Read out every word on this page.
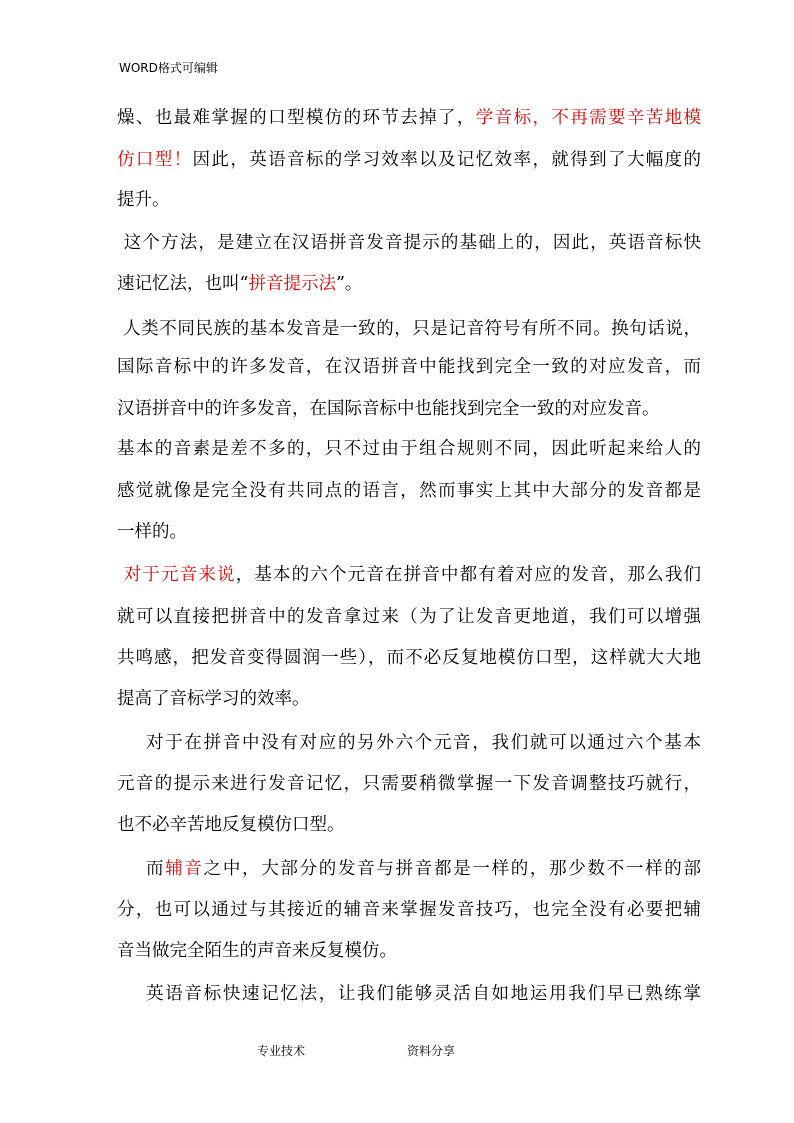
WORD格式可编辑
燥、也最难掌握的口型模仿的环节去掉了，学音标，不再需要辛苦地模
仿口型！因此，英语音标的学习效率以及记忆效率，就得到了大幅度的
提升。
这个方法，是建立在汉语拼音发音提示的基础上的，因此，英语音标快
速记忆法，也叫“拼音提示法”。
人类不同民族的基本发音是一致的，只是记音符号有所不同。换句话说，
国际音标中的许多发音，在汉语拼音中能找到完全一致的对应发音，而
汉语拼音中的许多发音，在国际音标中也能找到完全一致的对应发音。
基本的音素是差不多的，只不过由于组合规则不同，因此听起来给人的
感觉就像是完全没有共同点的语言，然而事实上其中大部分的发音都是
一样的。
对于元音来说，基本的六个元音在拼音中都有着对应的发音，那么我们
就可以直接把拼音中的发音拿过来（为了让发音更地道，我们可以增强
共鸣感，把发音变得圆润一些），而不必反复地模仿口型，这样就大大地
提高了音标学习的效率。
对于在拼音中没有对应的另外六个元音，我们就可以通过六个基本
元音的提示来进行发音记忆，只需要稍微掌握一下发音调整技巧就行，
也不必辛苦地反复模仿口型。
而辅音之中，大部分的发音与拼音都是一样的，那少数不一样的部
分，也可以通过与其接近的辅音来掌握发音技巧，也完全没有必要把辅
音当做完全陌生的声音来反复模仿。
英语音标快速记忆法，让我们能够灵活自如地运用我们早已熟练掌
专业技术	资料分享
